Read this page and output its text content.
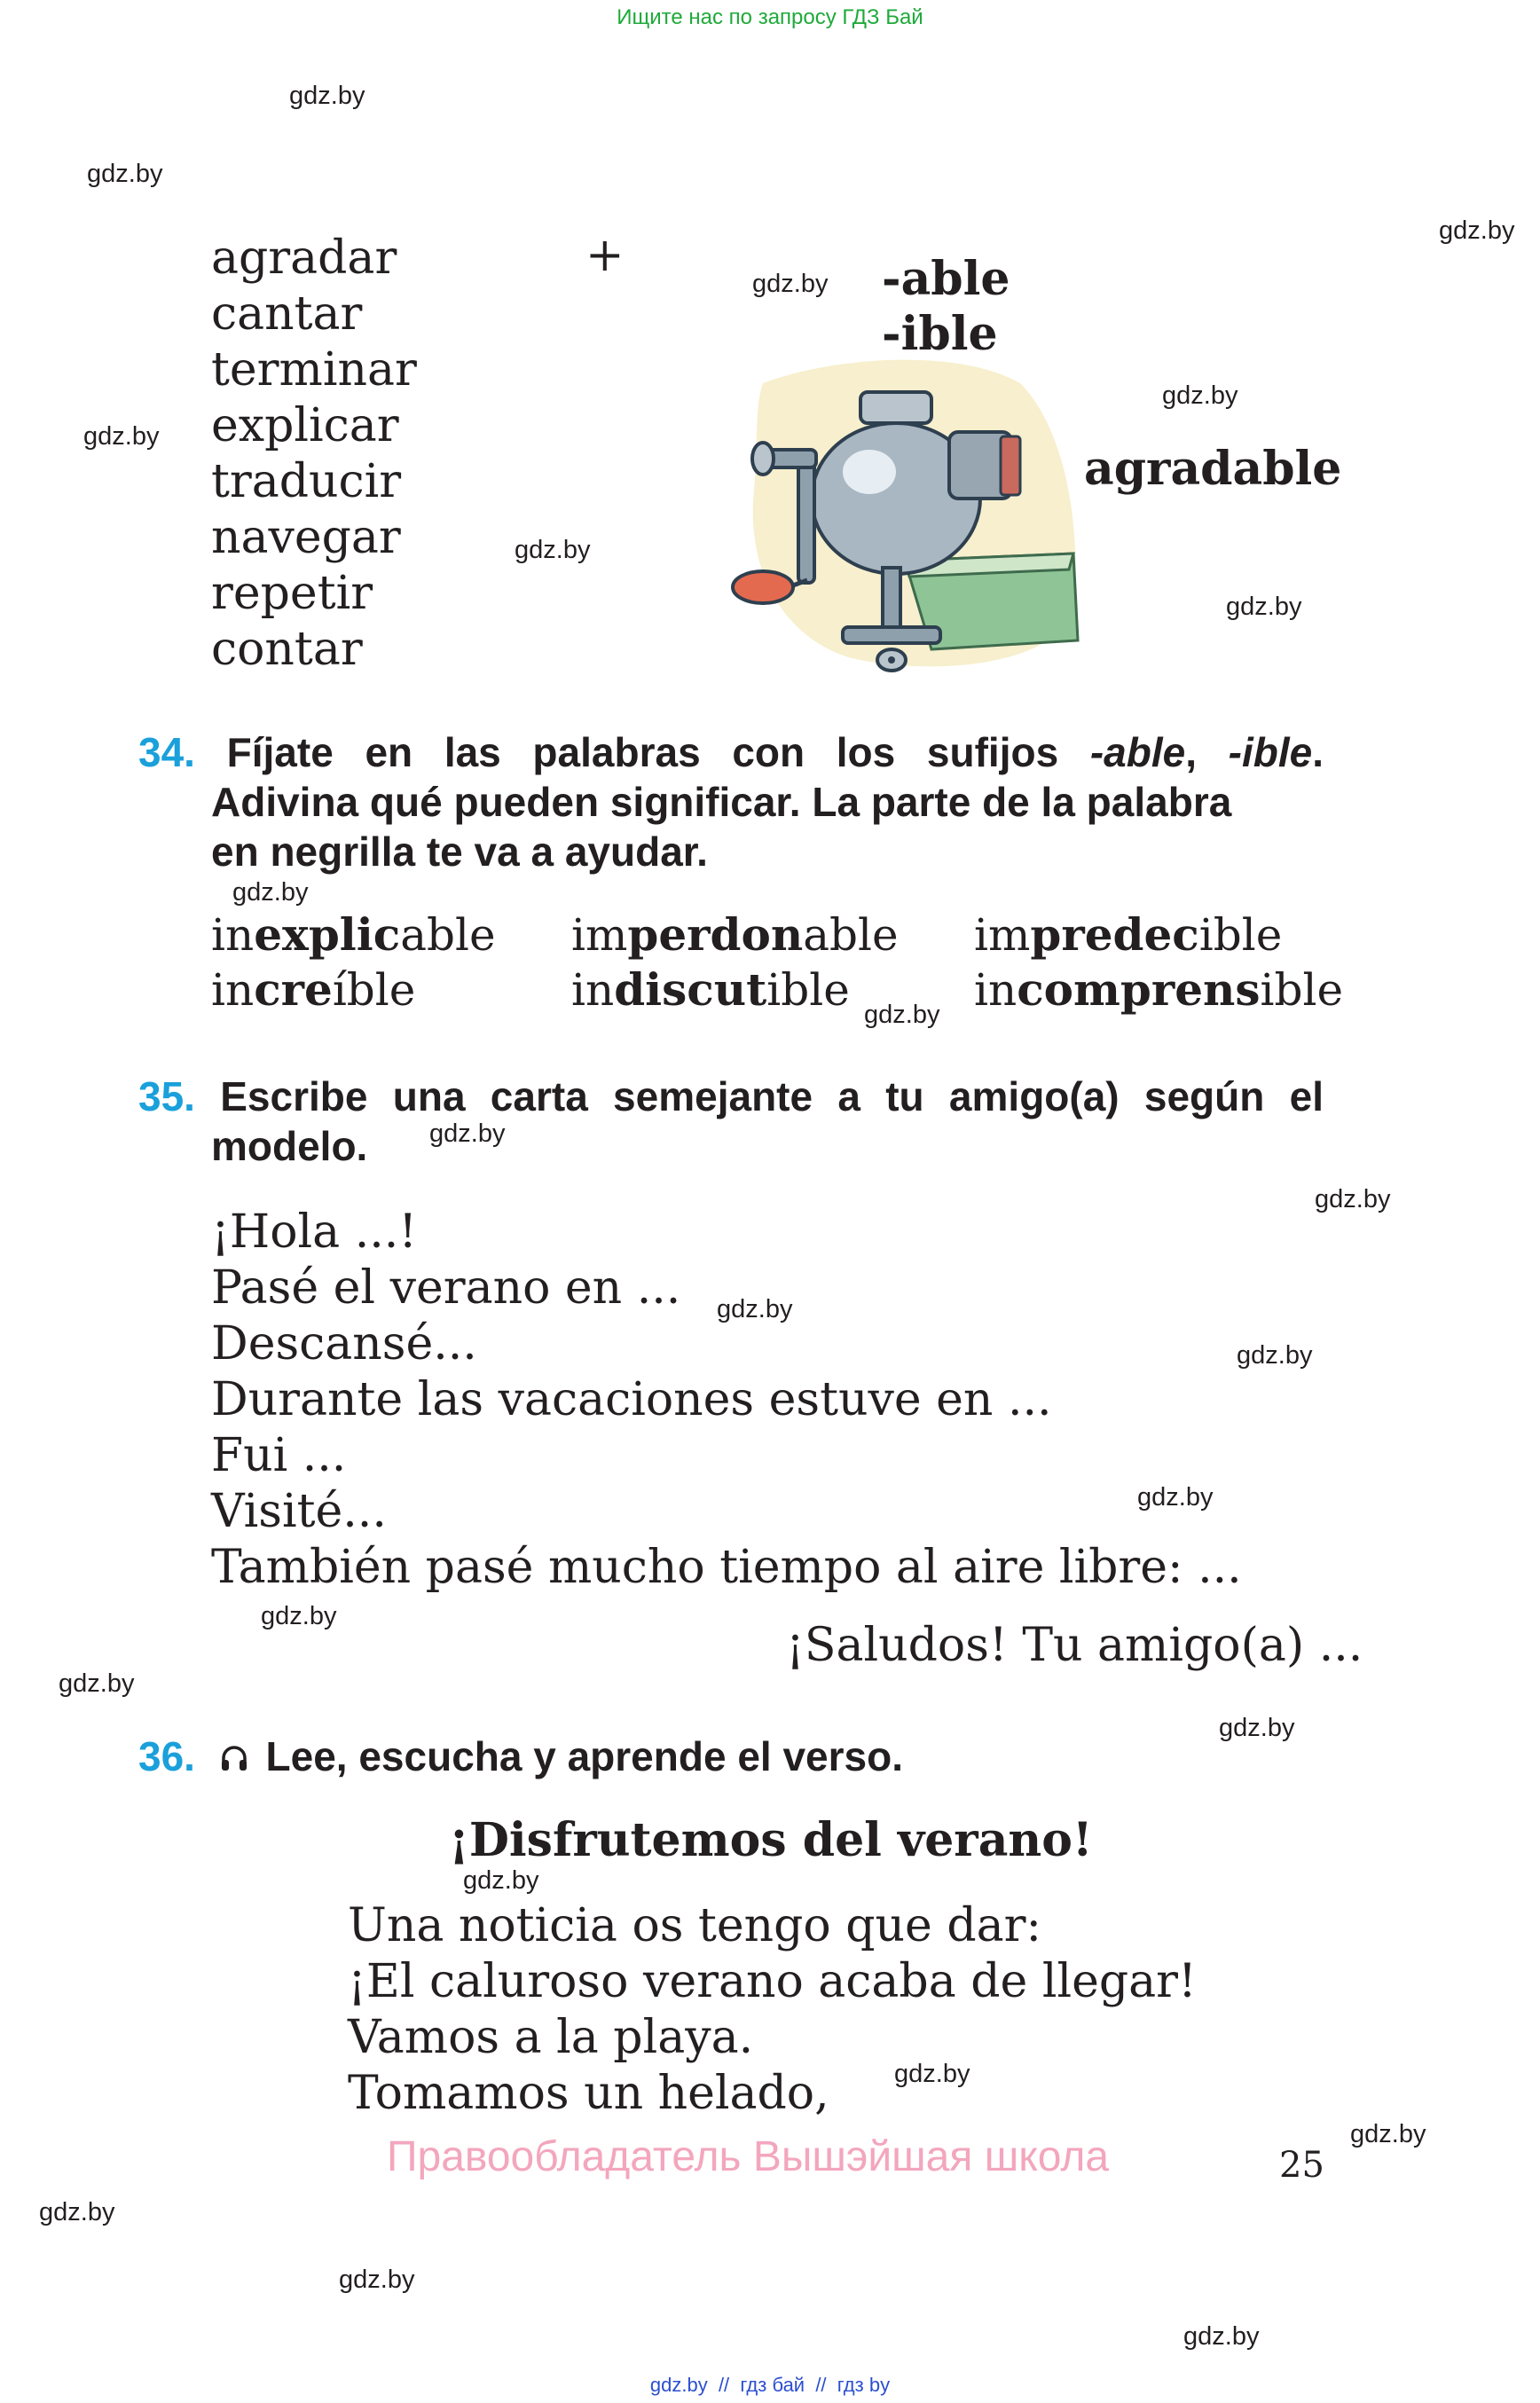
Ищите нас по запросу ГДЗ Бай
gdz.by
gdz.by
gdz.by
gdz.by
gdz.by
gdz.by
gdz.by
gdz.by
gdz.by
gdz.by
gdz.by
gdz.by
gdz.by
gdz.by
gdz.by
gdz.by
gdz.by
gdz.by
gdz.by
gdz.by
gdz.by
gdz.by
gdz.by
gdz.by
agradar
cantar
terminar
explicar
traducir
navegar
repetir
contar
+	-able
-ible
agradable
34. Fíjate en las palabras con los sufijos -able, -ible.
Adivina qué pueden significar. La parte de la palabra
en negrilla te va a ayudar.
inexplicable imperdonable impredecible
increíble	indiscutible	incomprensible
35. Escribe una carta semejante a tu amigo(a) según el
modelo.
¡Hola ...!
Pasé el verano en ...
Descansé...
Durante las vacaciones estuve en ...
Fui ...
Visité...
También pasé mucho tiempo al aire libre: ...
¡Saludos! Tu amigo(a) ...
36. Lee, escucha y aprende el verso.
¡Disfrutemos del verano!
Una noticia os tengo que dar:
¡El caluroso verano acaba de llegar!
Vamos a la playa.
Tomamos un helado,
Правообладатель Вышэйшая школа	25
gdz.by  //  гдз бай  //  гдз by
